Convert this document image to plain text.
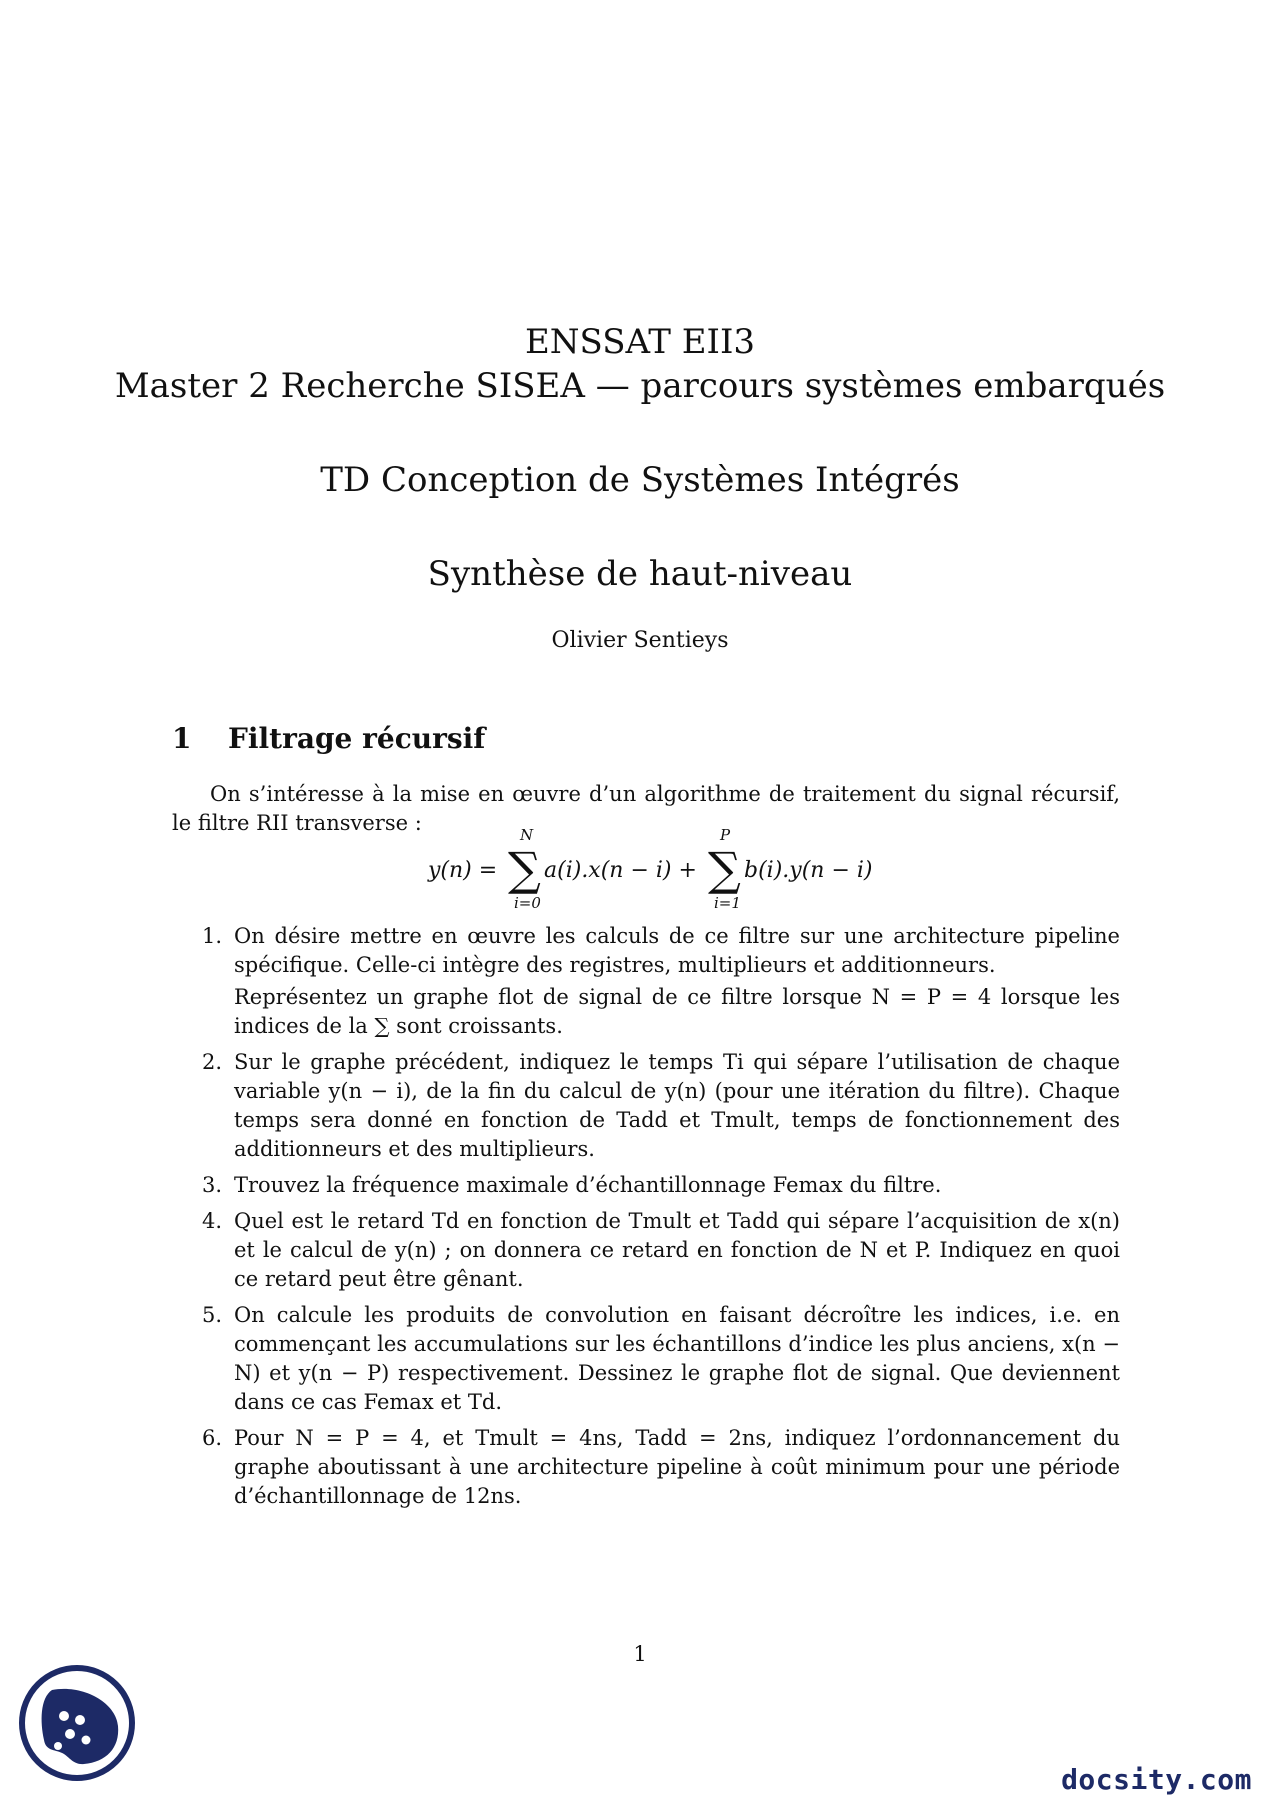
ENSSAT EII3
Master 2 Recherche SISEA — parcours systèmes embarqués
TD Conception de Systèmes Intégrés
Synthèse de haut-niveau
Olivier Sentieys
1 Filtrage récursif
On s’intéresse à la mise en œuvre d’un algorithme de traitement du signal récursif, le filtre RII transverse :
y(n) =
N
∑
i=0
a(i).x(n − i) +
P
∑
i=1
b(i).y(n − i)
1. On désire mettre en œuvre les calculs de ce filtre sur une architecture pipeline spécifique. Celle-ci intègre des registres, multiplieurs et additionneurs.

Représentez un graphe flot de signal de ce filtre lorsque N = P = 4 lorsque les indices de la ∑ sont croissants.

2. Sur le graphe précédent, indiquez le temps Ti qui sépare l’utilisation de chaque variable y(n − i), de la fin du calcul de y(n) (pour une itération du filtre). Chaque temps sera donné en fonction de Tadd et Tmult, temps de fonctionnement des additionneurs et des multiplieurs.

3. Trouvez la fréquence maximale d’échantillonnage Femax du filtre.

4. Quel est le retard Td en fonction de Tmult et Tadd qui sépare l’acquisition de x(n) et le calcul de y(n) ; on donnera ce retard en fonction de N et P. Indiquez en quoi ce retard peut être gênant.

5. On calcule les produits de convolution en faisant décroître les indices, i.e. en commençant les accumulations sur les échantillons d’indice les plus anciens, x(n − N) et y(n − P) respectivement. Dessinez le graphe flot de signal. Que deviennent dans ce cas Femax et Td.

6. Pour N = P = 4, et Tmult = 4ns, Tadd = 2ns, indiquez l’ordonnancement du graphe aboutissant à une architecture pipeline à coût minimum pour une période d’échantillonnage de 12ns.

1
docsity.com
